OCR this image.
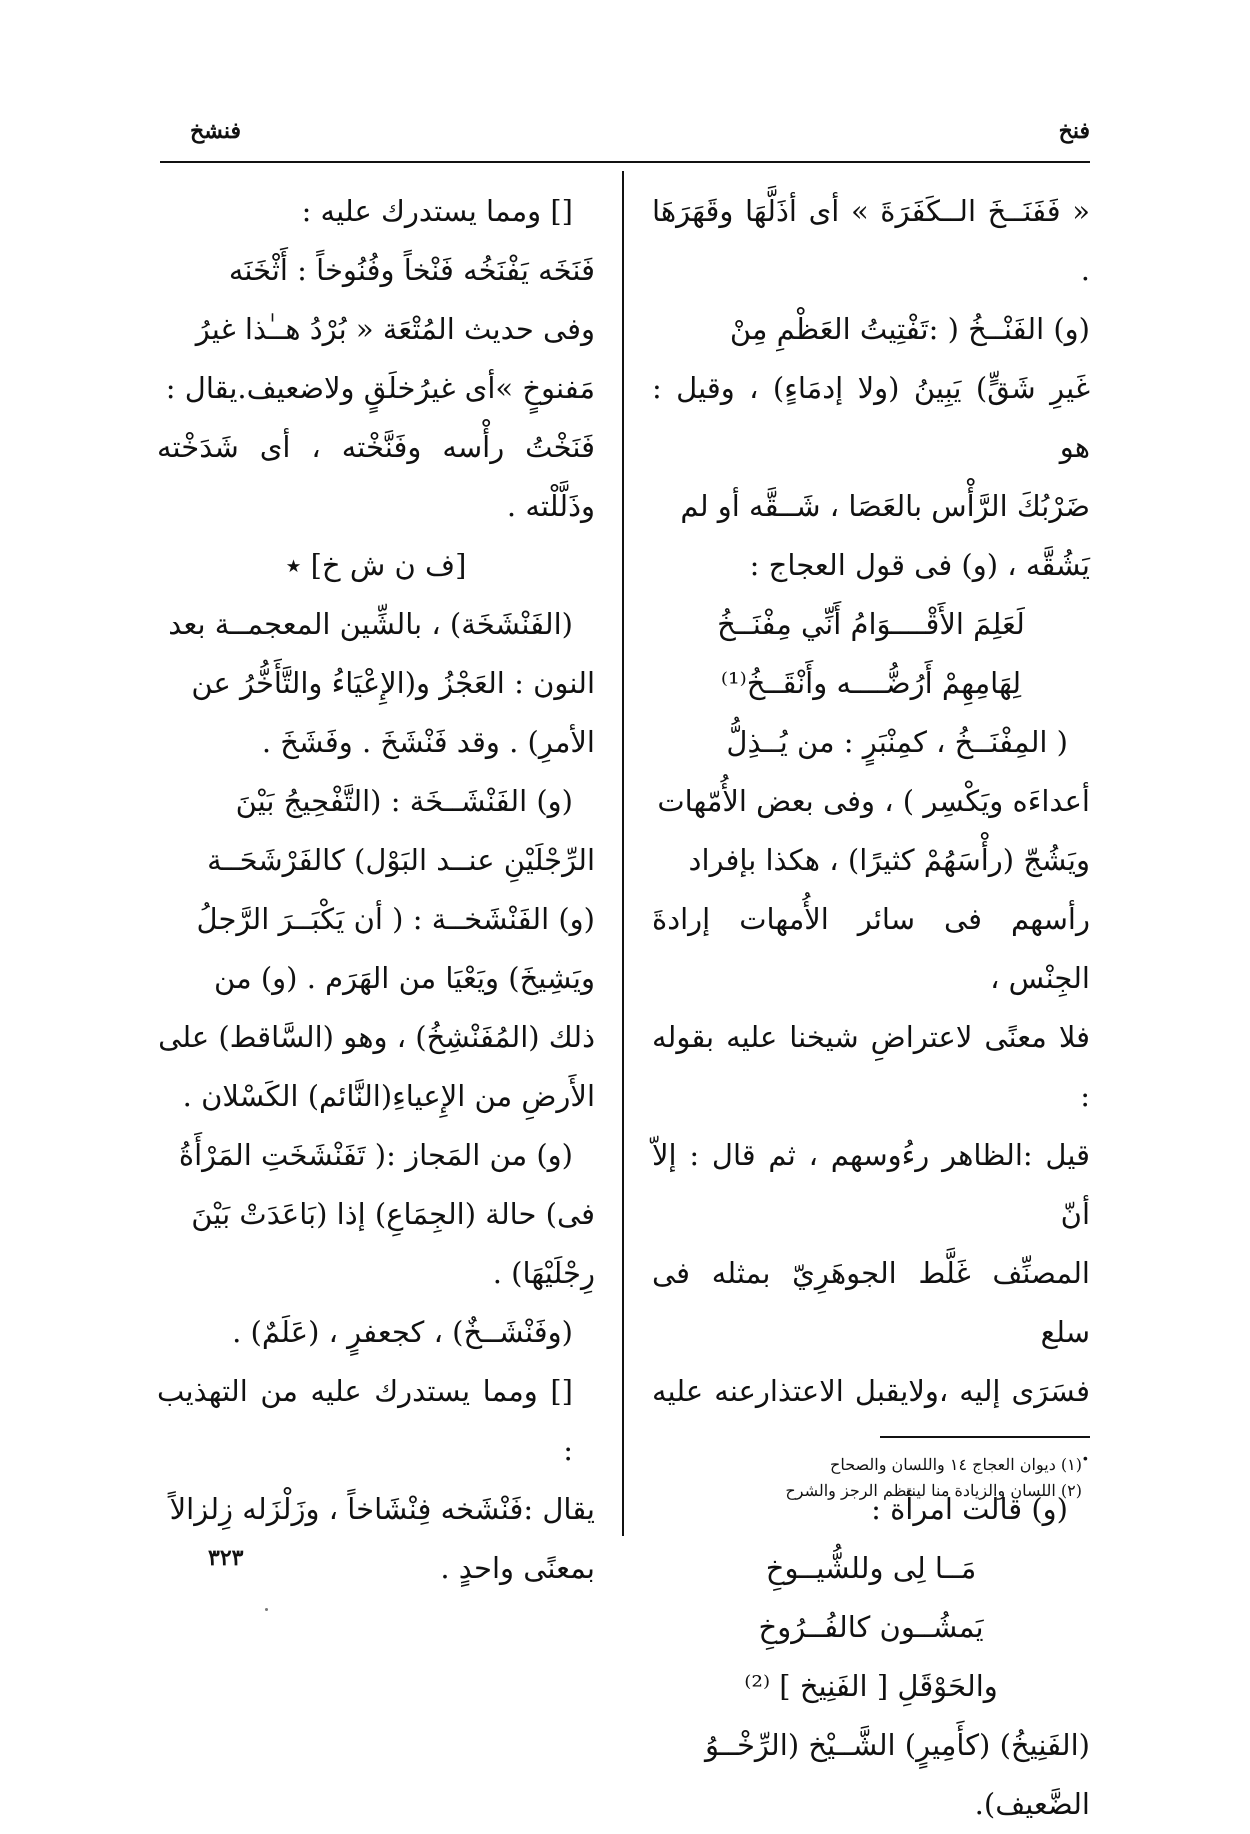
فنخ
فنشخ

« فَفَنَــخَ الــكَفَرَةَ » أى أذَلَّهَا وقَهَرَهَا .

(و) الفَنْــخُ ( :تَفْتِيتُ العَظْمِ مِنْ

غَيرِ شَقٍّ) يَبِينُ (ولا إدمَاءٍ) ، وقيل : هو

ضَرْبُكَ الرَّأْس بالعَصَا ، شَــقَّه أو لم

يَشُقَّه ، (و) فى قول العجاج :

لَعَلِمَ الأَقْــــوَامُ أَنِّي مِفْنَــخُ

لِهَامِهِمْ أَرُضُّــــه وأَنْقَــخُ⁽¹⁾

( المِفْنَــخُ ، كمِنْبَرٍ : من يُــذِلُّ

أعداءَه ويَكْسِر ) ، وفى بعض الأُمّهات

ويَشُجّ (رأْسَهُمْ كثيرًا) ، هكذا بإفراد

رأسهم فى سائر الأُمهات إرادةَ الجِنْس ،

فلا معنًى لاعتراضِ شيخنا عليه بقوله :

قيل :الظاهر رءُوسهم ، ثم قال : إلاّ أنّ

المصنِّف غَلَّط الجوهَرِيّ بمثله فى سلع

فسَرَى إليه ،ولايقبل الاعتذارعنه عليه .

(و) قالت امرأة :

مَــا لِى وللشُّيــوخِ

يَمشُــون كالفُــرُوخِ

والحَوْقَلِ [ الفَنِيخ ] ⁽²⁾

(الفَنِيخُ) (كأَمِيرٍ) الشَّــيْخ (الرِّخْــوُ

الضَّعيف).

[] ومما يستدرك عليه :

فَنَخَه يَفْنَخُه فَنْخاً وفُنُوخاً : أَثْخَنَه

وفى حديث المُتْعَة « بُرْدُ هــٰذا غيرُ

مَفنوخٍ »أى غيرُخلَقٍ ولاضعيف.يقال :

فَنَخْتُ رأْسه وفَنَّخْته ، أى شَدَخْته وذَلَّلْته .

[ف ن ش خ] ٭

(الفَنْشَخَة) ، بالشِّين المعجمــة بعد

النون : العَجْزُ و(الإِعْيَاءُ والتَّأَخُّرُ عن

الأمرِ) . وقد فَنْشَخَ . وفَشَخَ .

(و) الفَنْشَــخَة : (التَّفْحِيجُ بَيْنَ

الرِّجْلَيْنِ عنــد البَوْل) كالفَرْشَحَــة

(و) الفَنْشَخــة : ( أن يَكْبَــرَ الرَّجلُ

ويَشِيخَ) ويَعْيَا من الهَرَم . (و) من

ذلك (المُفَنْشِخُ) ، وهو (السَّاقط) على

الأَرضِ من الإِعياءِ(النَّائم) الكَسْلان .

(و) من المَجاز :( تَفَنْشَخَتِ المَرْأَةُ

فى) حالة (الجِمَاعِ) إذا (بَاعَدَتْ بَيْنَ

رِجْلَيْهَا) .

(وفَنْشَــخٌ) ، كجعفرٍ ، (عَلَمٌ) .

[] ومما يستدرك عليه من التهذيب :

يقال :فَنْشَخه فِنْشَاخاً ، وزَلْزَله زِلزالاً

بمعنًى واحدٍ .

(١) ديوان العجاج ١٤ واللسان والصحاح
(٢) اللسان والزيادة منا لينتظم الرجز والشرح
٣٢٣
